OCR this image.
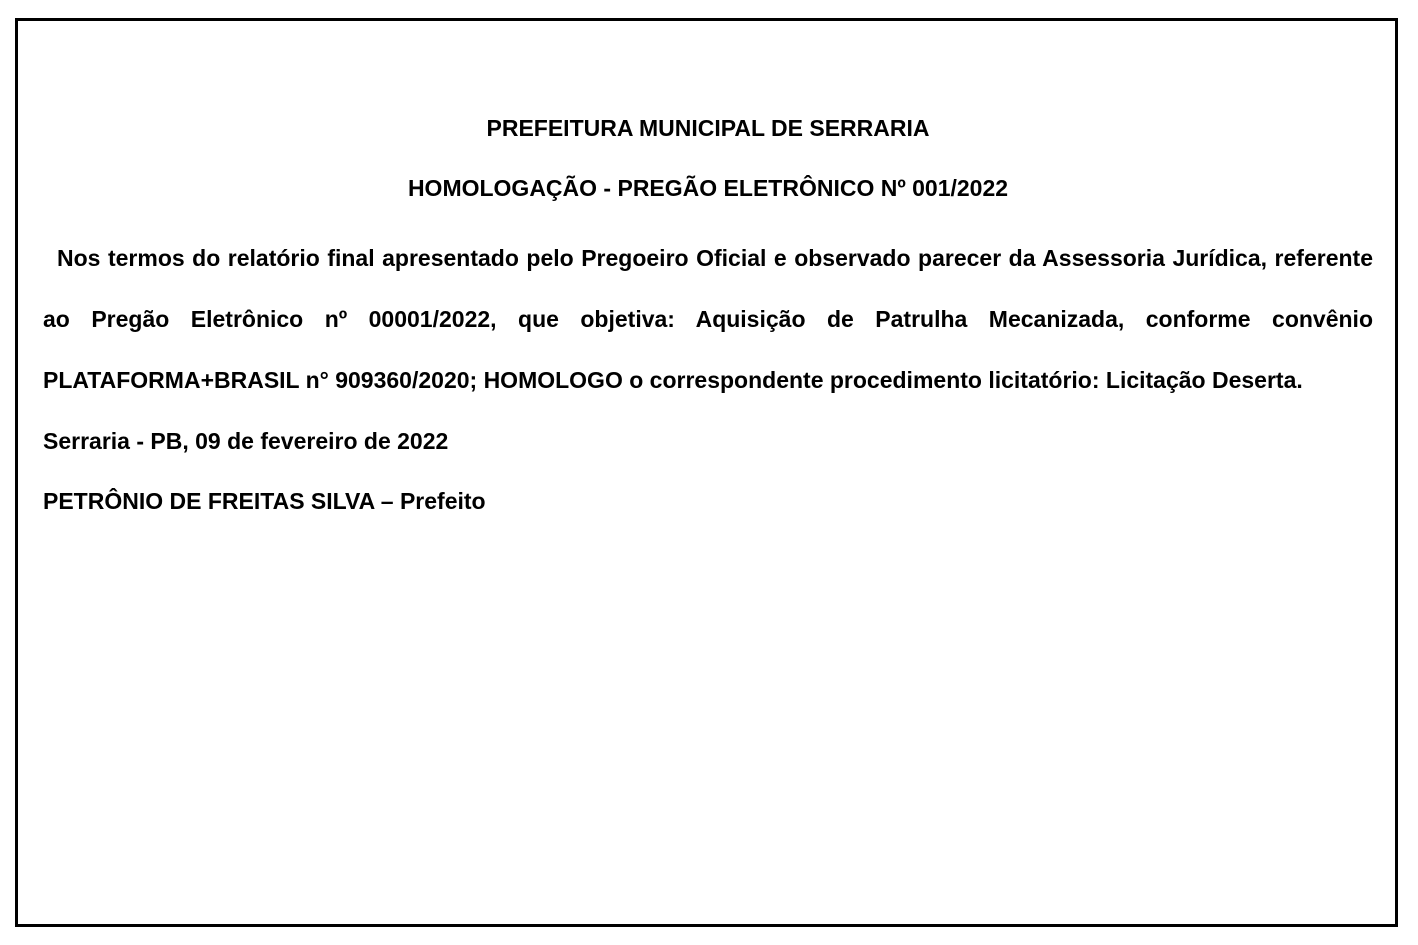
PREFEITURA MUNICIPAL DE SERRARIA

HOMOLOGAÇÃO - PREGÃO ELETRÔNICO Nº 001/2022

Nos termos do relatório final apresentado pelo Pregoeiro Oficial e observado parecer da Assessoria Jurídica, referente ao Pregão Eletrônico nº 00001/2022, que objetiva: Aquisição de Patrulha Mecanizada, conforme convênio PLATAFORMA+BRASIL n° 909360/2020; HOMOLOGO o correspondente procedimento licitatório: Licitação Deserta.

Serraria - PB, 09 de fevereiro de 2022

PETRÔNIO DE FREITAS SILVA – Prefeito
